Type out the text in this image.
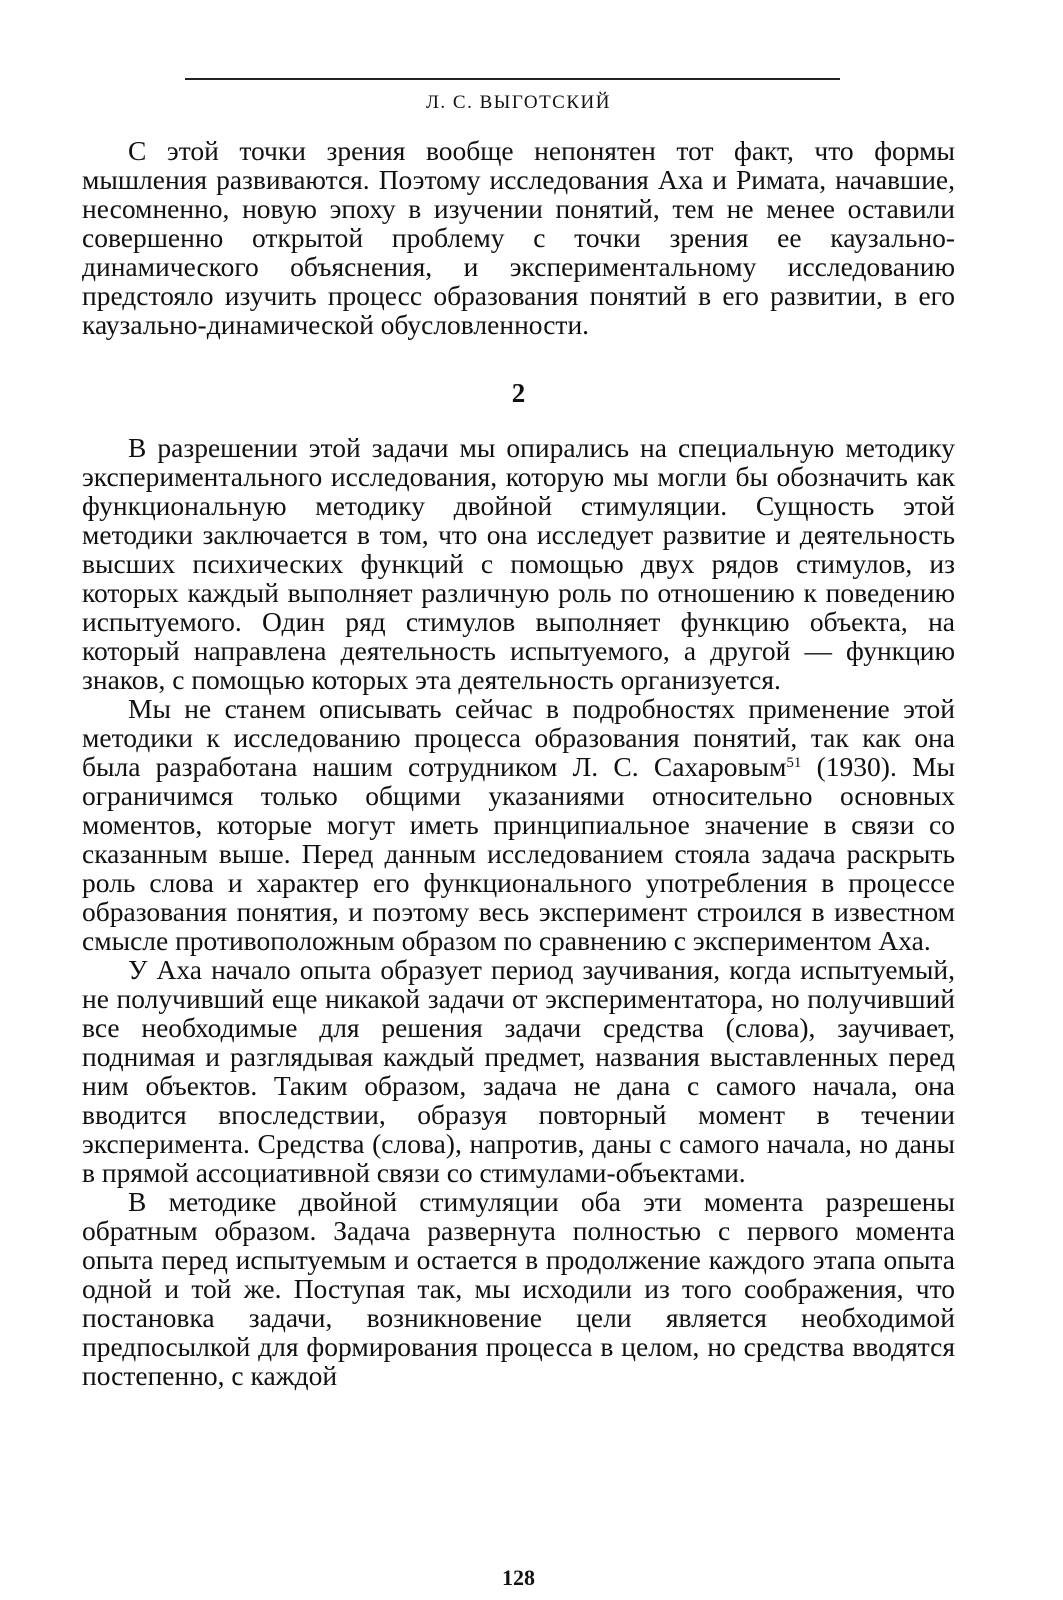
Л. С. ВЫГОТСКИЙ

С этой точки зрения вообще непонятен тот факт, что формы мышления развиваются. Поэтому исследования Аха и Римата, начавшие, несомненно, новую эпоху в изучении понятий, тем не менее оставили совершенно открытой проблему с точки зрения ее каузально-динамического объяснения, и экспериментальному исследованию предстояло изучить процесс образования понятий в его развитии, в его каузально-динамической обусловленности.

2

В разрешении этой задачи мы опирались на специальную методику экспериментального исследования, которую мы могли бы обозначить как функциональную методику двойной стимуляции. Сущность этой методики заключается в том, что она исследует развитие и деятельность высших психических функций с помощью двух рядов стимулов, из которых каждый выполняет различную роль по отношению к поведению испытуемого. Один ряд стимулов выполняет функцию объекта, на который направлена деятельность испытуемого, а другой — функцию знаков, с помощью которых эта деятельность организуется.

Мы не станем описывать сейчас в подробностях применение этой методики к исследованию процесса образования понятий, так как она была разработана нашим сотрудником Л. С. Сахаровым$^{51}$ (1930). Мы ограничимся только общими указаниями относительно основных моментов, которые могут иметь принципиальное значение в связи со сказанным выше. Перед данным исследованием стояла задача раскрыть роль слова и характер его функционального употребления в процессе образования понятия, и поэтому весь эксперимент строился в известном смысле противоположным образом по сравнению с экспериментом Аха.

У Аха начало опыта образует период заучивания, когда испытуемый, не получивший еще никакой задачи от экспериментатора, но получивший все необходимые для решения задачи средства (слова), заучивает, поднимая и разглядывая каждый предмет, названия выставленных перед ним объектов. Таким образом, задача не дана с самого начала, она вводится впоследствии, образуя повторный момент в течении эксперимента. Средства (слова), напротив, даны с самого начала, но даны в прямой ассоциативной связи со стимулами-объектами.

В методике двойной стимуляции оба эти момента разрешены обратным образом. Задача развернута полностью с первого момента опыта перед испытуемым и остается в продолжение каждого этапа опыта одной и той же. Поступая так, мы исходили из того соображения, что постановка задачи, возникновение цели является необходимой предпосылкой для формирования процесса в целом, но средства вводятся постепенно, с каждой

128
